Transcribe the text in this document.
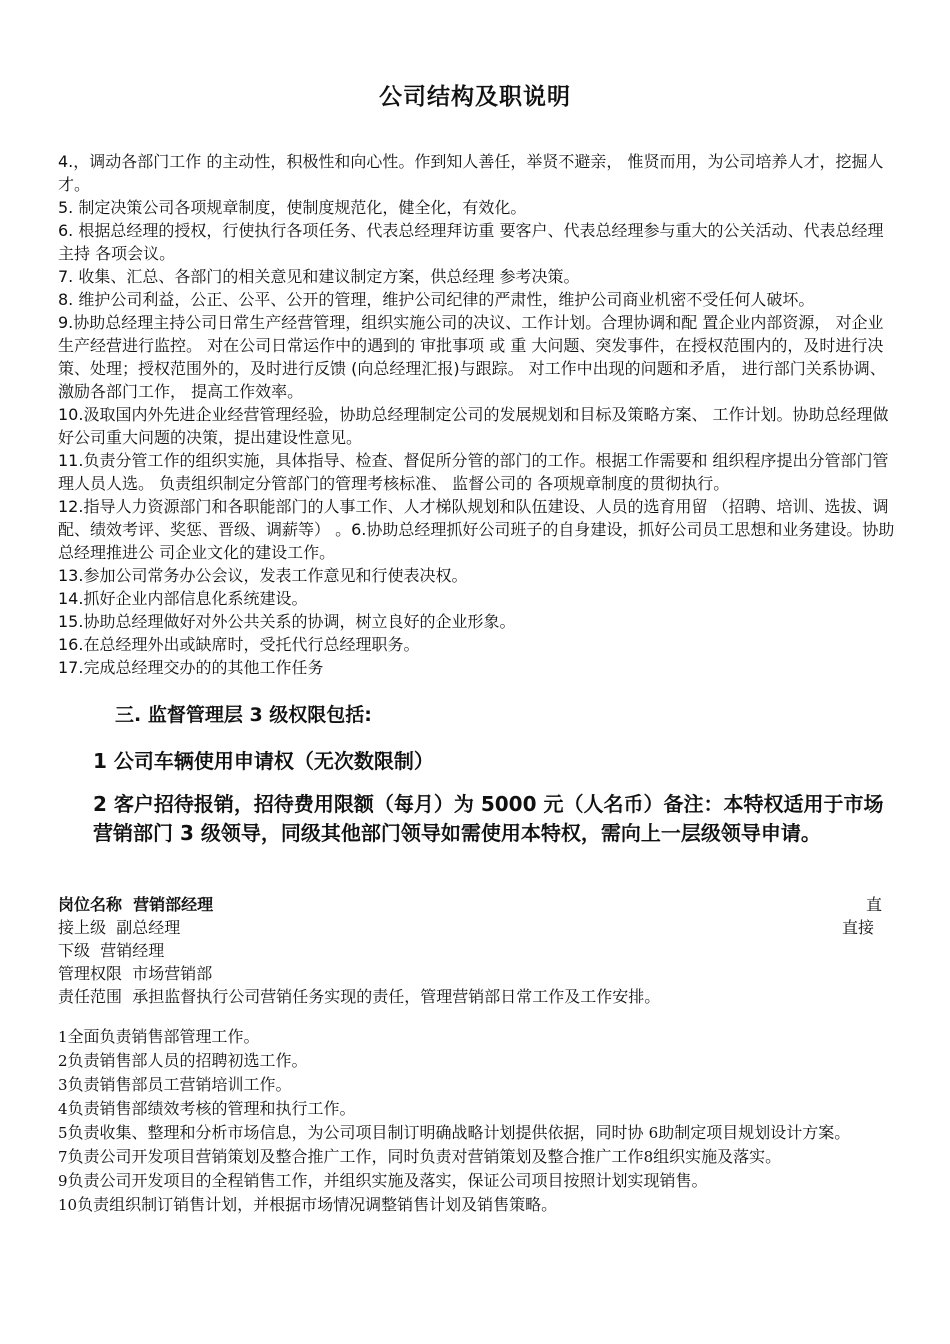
公司结构及职说明

4.，调动各部门工作 的主动性，积极性和向心性。作到知人善任，举贤不避亲， 惟贤而用，为公司培养人才，挖掘人才。

5. 制定决策公司各项规章制度，使制度规范化，健全化，有效化。

6. 根据总经理的授权，行使执行各项任务、代表总经理拜访重 要客户、代表总经理参与重大的公关活动、代表总经理主持 各项会议。

7. 收集、汇总、各部门的相关意见和建议制定方案，供总经理 参考决策。

8. 维护公司利益，公正、公平、公开的管理，维护公司纪律的严肃性，维护公司商业机密不受任何人破坏。

9.协助总经理主持公司日常生产经营管理，组织实施公司的决议、工作计划。合理协调和配 置企业内部资源， 对企业生产经营进行监控。 对在公司日常运作中的遇到的 审批事项 或 重 大问题、突发事件，在授权范围内的，及时进行决策、处理；授权范围外的，及时进行反馈 (向总经理汇报)与跟踪。 对工作中出现的问题和矛盾， 进行部门关系协调、 激励各部门工作， 提高工作效率。

10.汲取国内外先进企业经营管理经验，协助总经理制定公司的发展规划和目标及策略方案、 工作计划。协助总经理做好公司重大问题的决策，提出建设性意见。

11.负责分管工作的组织实施，具体指导、检查、督促所分管的部门的工作。根据工作需要和 组织程序提出分管部门管理人员人选。 负责组织制定分管部门的管理考核标准、 监督公司的 各项规章制度的贯彻执行。

12.指导人力资源部门和各职能部门的人事工作、人才梯队规划和队伍建设、人员的选育用留 （招聘、培训、选拔、调配、绩效考评、奖惩、晋级、调薪等） 。6.协助总经理抓好公司班子的自身建设，抓好公司员工思想和业务建设。协助总经理推进公 司企业文化的建设工作。

13.参加公司常务办公会议，发表工作意见和行使表决权。

14.抓好企业内部信息化系统建设。

15.协助总经理做好对外公共关系的协调，树立良好的企业形象。

16.在总经理外出或缺席时，受托代行总经理职务。

17.完成总经理交办的的其他工作任务

三. 监督管理层 3 级权限包括:
1 公司车辆使用申请权（无次数限制）
2 客户招待报销，招待费用限额（每月）为 5000 元（人名币）备注：本特权适用于市场营销部门 3 级领导，同级其他部门领导如需使用本特权，需向上一层级领导申请。

岗位名称 营销部经理	直

接上级 副总经理	直接

下级 营销经理

管理权限 市场营销部

责任范围 承担监督执行公司营销任务实现的责任，管理营销部日常工作及工作安排。

1全面负责销售部管理工作。

2负责销售部人员的招聘初选工作。

3负责销售部员工营销培训工作。

4负责销售部绩效考核的管理和执行工作。

5负责收集、整理和分析市场信息，为公司项目制订明确战略计划提供依据，同时协 6助制定项目规划设计方案。

7负责公司开发项目营销策划及整合推广工作，同时负责对营销策划及整合推广工作8组织实施及落实。

9负责公司开发项目的全程销售工作，并组织实施及落实，保证公司项目按照计划实现销售。

10负责组织制订销售计划，并根据市场情况调整销售计划及销售策略。
